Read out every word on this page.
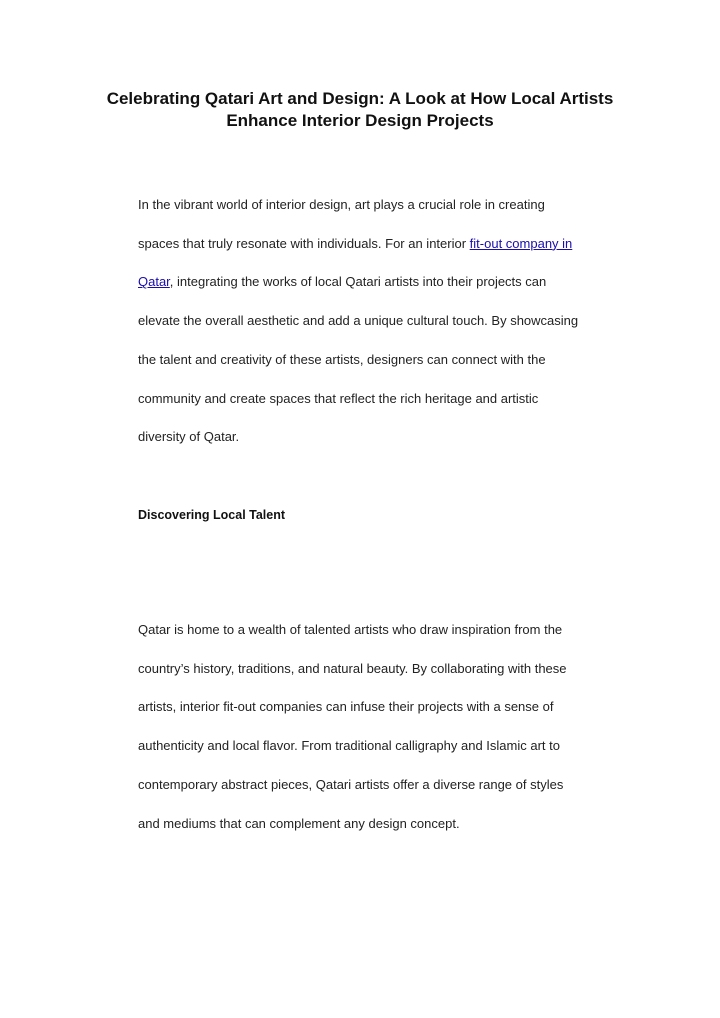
Celebrating Qatari Art and Design: A Look at How Local Artists Enhance Interior Design Projects

In the vibrant world of interior design, art plays a crucial role in creating spaces that truly resonate with individuals. For an interior fit-out company in Qatar, integrating the works of local Qatari artists into their projects can elevate the overall aesthetic and add a unique cultural touch. By showcasing the talent and creativity of these artists, designers can connect with the community and create spaces that reflect the rich heritage and artistic diversity of Qatar.

Discovering Local Talent

Qatar is home to a wealth of talented artists who draw inspiration from the country’s history, traditions, and natural beauty. By collaborating with these artists, interior fit-out companies can infuse their projects with a sense of authenticity and local flavor. From traditional calligraphy and Islamic art to contemporary abstract pieces, Qatari artists offer a diverse range of styles and mediums that can complement any design concept.
